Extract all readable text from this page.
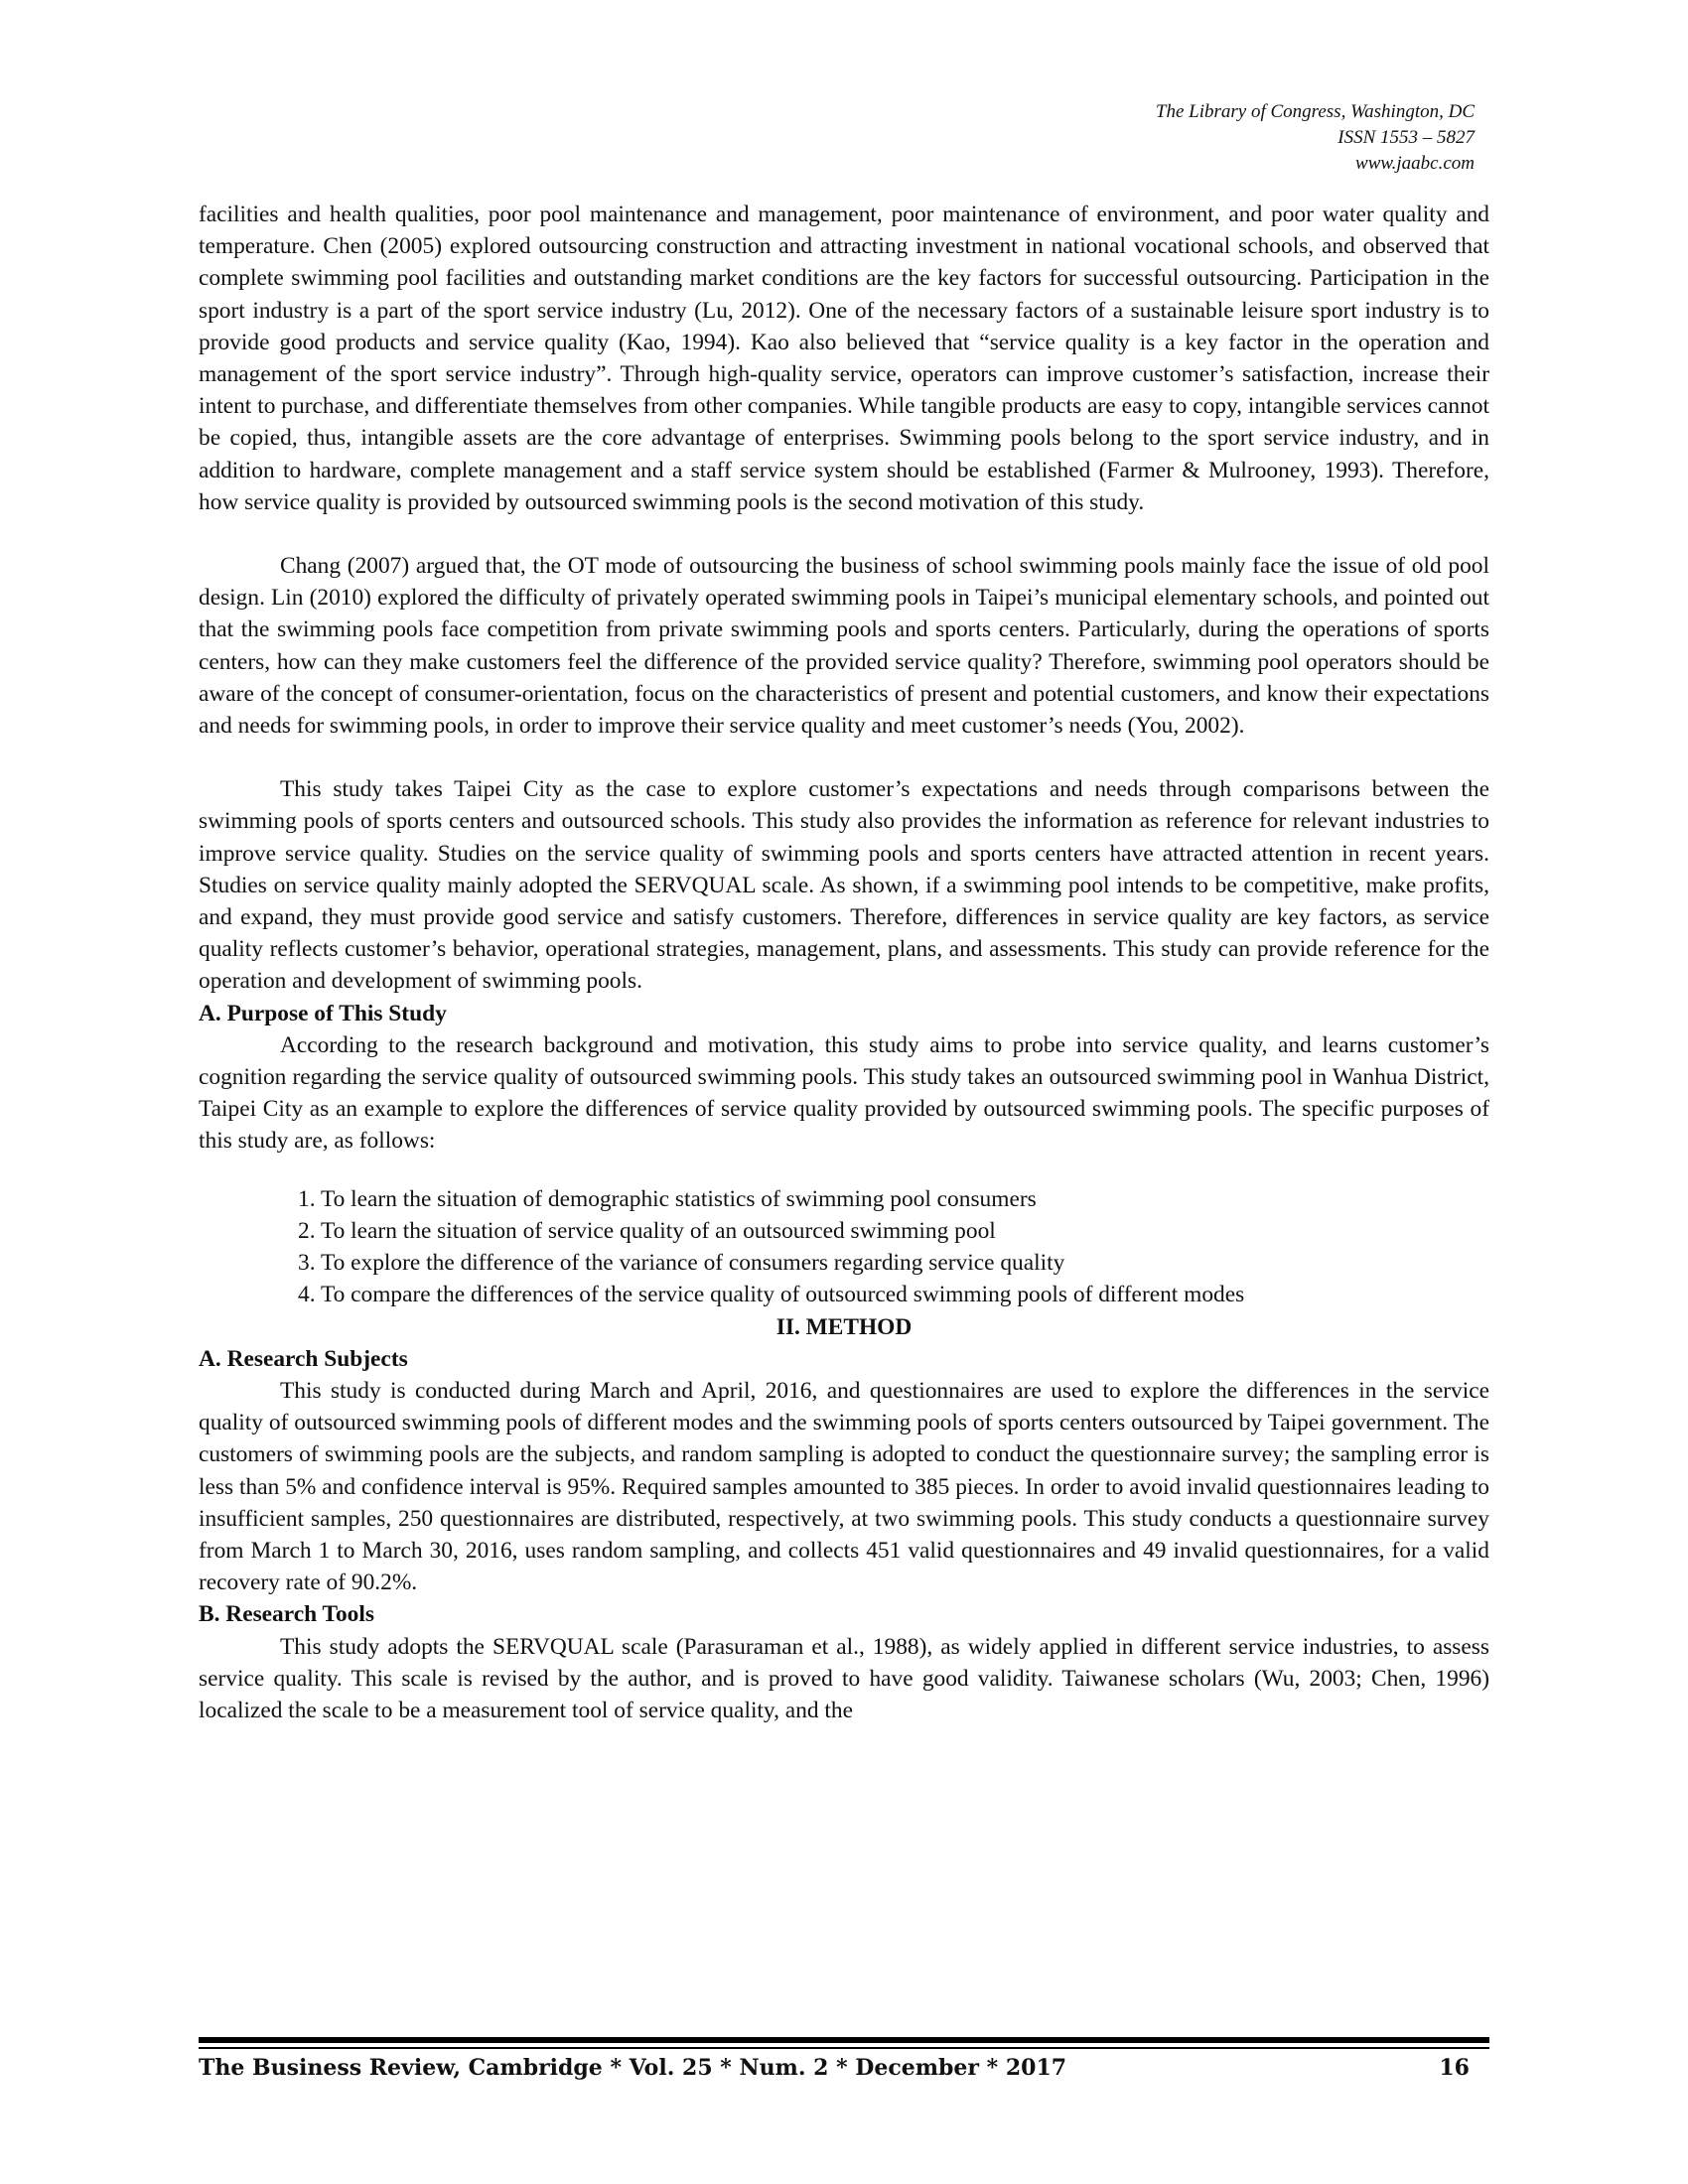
The Library of Congress, Washington, DC
ISSN 1553 – 5827
www.jaabc.com

facilities and health qualities, poor pool maintenance and management, poor maintenance of environment, and poor water quality and temperature. Chen (2005) explored outsourcing construction and attracting investment in national vocational schools, and observed that complete swimming pool facilities and outstanding market conditions are the key factors for successful outsourcing. Participation in the sport industry is a part of the sport service industry (Lu, 2012). One of the necessary factors of a sustainable leisure sport industry is to provide good products and service quality (Kao, 1994). Kao also believed that “service quality is a key factor in the operation and management of the sport service industry”. Through high-quality service, operators can improve customer’s satisfaction, increase their intent to purchase, and differentiate themselves from other companies. While tangible products are easy to copy, intangible services cannot be copied, thus, intangible assets are the core advantage of enterprises. Swimming pools belong to the sport service industry, and in addition to hardware, complete management and a staff service system should be established (Farmer & Mulrooney, 1993). Therefore, how service quality is provided by outsourced swimming pools is the second motivation of this study.

Chang (2007) argued that, the OT mode of outsourcing the business of school swimming pools mainly face the issue of old pool design. Lin (2010) explored the difficulty of privately operated swimming pools in Taipei’s municipal elementary schools, and pointed out that the swimming pools face competition from private swimming pools and sports centers. Particularly, during the operations of sports centers, how can they make customers feel the difference of the provided service quality? Therefore, swimming pool operators should be aware of the concept of consumer-orientation, focus on the characteristics of present and potential customers, and know their expectations and needs for swimming pools, in order to improve their service quality and meet customer’s needs (You, 2002).

This study takes Taipei City as the case to explore customer’s expectations and needs through comparisons between the swimming pools of sports centers and outsourced schools. This study also provides the information as reference for relevant industries to improve service quality. Studies on the service quality of swimming pools and sports centers have attracted attention in recent years. Studies on service quality mainly adopted the SERVQUAL scale. As shown, if a swimming pool intends to be competitive, make profits, and expand, they must provide good service and satisfy customers. Therefore, differences in service quality are key factors, as service quality reflects customer’s behavior, operational strategies, management, plans, and assessments. This study can provide reference for the operation and development of swimming pools.

A. Purpose of This Study

According to the research background and motivation, this study aims to probe into service quality, and learns customer’s cognition regarding the service quality of outsourced swimming pools. This study takes an outsourced swimming pool in Wanhua District, Taipei City as an example to explore the differences of service quality provided by outsourced swimming pools. The specific purposes of this study are, as follows:

1. To learn the situation of demographic statistics of swimming pool consumers
2. To learn the situation of service quality of an outsourced swimming pool
3. To explore the difference of the variance of consumers regarding service quality
4. To compare the differences of the service quality of outsourced swimming pools of different modes

II. METHOD

A. Research Subjects

This study is conducted during March and April, 2016, and questionnaires are used to explore the differences in the service quality of outsourced swimming pools of different modes and the swimming pools of sports centers outsourced by Taipei government. The customers of swimming pools are the subjects, and random sampling is adopted to conduct the questionnaire survey; the sampling error is less than 5% and confidence interval is 95%. Required samples amounted to 385 pieces. In order to avoid invalid questionnaires leading to insufficient samples, 250 questionnaires are distributed, respectively, at two swimming pools. This study conducts a questionnaire survey from March 1 to March 30, 2016, uses random sampling, and collects 451 valid questionnaires and 49 invalid questionnaires, for a valid recovery rate of 90.2%.

B. Research Tools

This study adopts the SERVQUAL scale (Parasuraman et al., 1988), as widely applied in different service industries, to assess service quality. This scale is revised by the author, and is proved to have good validity. Taiwanese scholars (Wu, 2003; Chen, 1996) localized the scale to be a measurement tool of service quality, and the

The Business Review, Cambridge * Vol. 25 * Num. 2 * December * 2017	16
